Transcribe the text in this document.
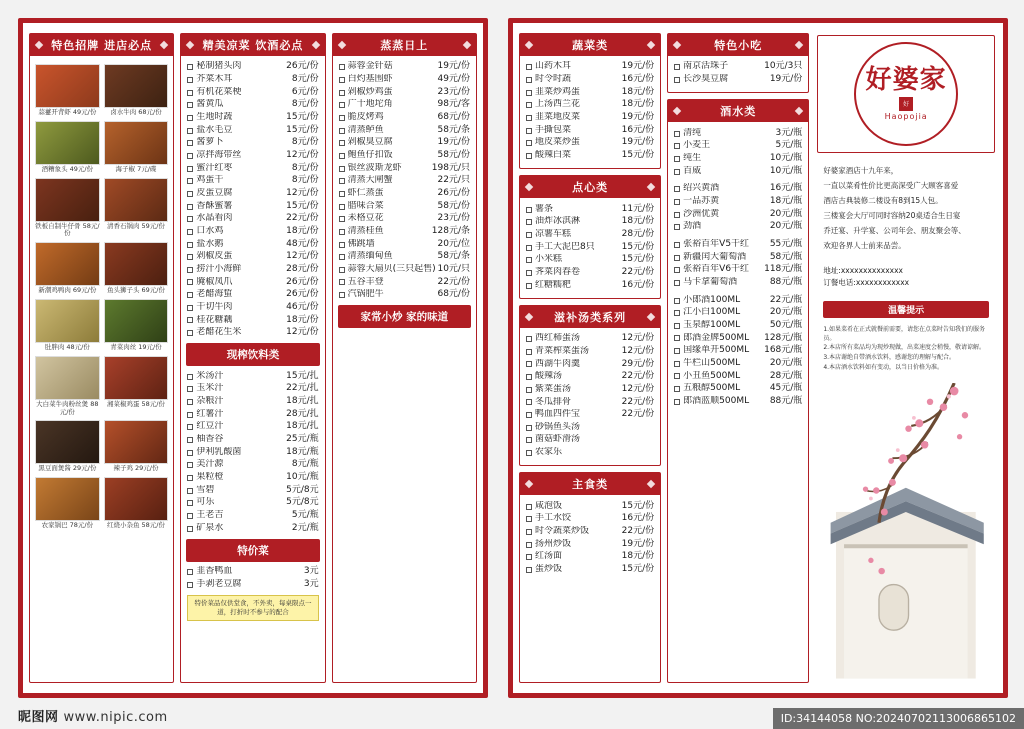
特色招牌 进店必点
蒜薹开背虾 49元/份	卤水牛肉 68元/份
酒糟象头 49元/份	海子椒 7元/碟
铁板自制牛仔骨 58元/份
清香石锅肉 59元/份
新潮鸡鸭肉 69元/份	鱼头狮子头 69元/份
肚胖肉 48元/份	青菜肉丝 19元/份
大白菜牛肉粉丝煲 88元/份
湘菜椒鸡蛋 58元/份
黑豆面煲酱 29元/份	辣子鸡 29元/份
农家锅巴 78元/份	红烧小杂鱼 58元/份
精美凉菜 饮酒必点
秘制猪头肉	26元/份
芥菜木耳	8元/份
有机花菜梗	6元/份
酱黄瓜	8元/份
生地时蔬	15元/份
盐水毛豆	15元/份
酱萝卜	8元/份
凉拌海带丝	12元/份
蜜汁红枣	8元/份
鸡蛋干	8元/份
皮蛋豆腐	12元/份
香酥蜜薯	15元/份
水晶看肉	22元/份
口水鸡	18元/份
盐水鹅	48元/份
剁椒皮蛋	12元/份
捞汁小海鲜	28元/份
腌椒凤爪	26元/份
老醋海蜇	26元/份
干切牛肉	46元/份
桂花糖藕	18元/份
老醋花生米	12元/份
现榨饮料类
米汤汁	15元/扎
玉米汁	22元/扎
杂粮汁	18元/扎
红薯汁	28元/扎
红豆汁	18元/扎
柚香谷	25元/瓶
伊利乳酸菌	18元/瓶
美汁源	8元/瓶
果粒橙	10元/瓶
雪碧	5元/8元
可乐	5元/8元
王老吉	5元/瓶
矿泉水	2元/瓶
特价菜
韭香鸭血	3元
手剥老豆腐	3元
特价菜品仅供堂食，不外卖，每桌限点一道，打折时不参与的配合
蒸蒸日上
蒜蓉金针菇	19元/份
白灼基围虾	49元/份
剁椒炒鸡蛋	23元/份
广十地坨角	98元/客
脆皮烤鸡	68元/份
清蒸鲈鱼	58元/条
剁椒臭豆腐	19元/份
鲍鱼仔扣饭	58元/份
银丝波斯龙虾	198元/只
清蒸大闸蟹	22元/只
虾仁蒸蛋	26元/份
腊味合菜	58元/份
未格豆花	23元/份
清蒸桂鱼	128元/条
佛跳墙	20元/位
清蒸缅甸鱼	58元/条
蒜蓉大扇贝(三只起售) 10元/只
五谷丰登	22元/份
汽锅肥牛	68元/份
家常小炒 家的味道
蔬菜类
山药木耳	19元/份
时令时蔬	16元/份
韭菜炒鸡蛋	18元/份
上汤西兰花	18元/份
韭菜地皮菜	19元/份
手撕包菜	16元/份
地皮菜炒蛋	19元/份
酸辣白菜	15元/份
点心类
薯条	11元/份
油炸冰淇淋	18元/份
凉薯车糕	28元/份
手工大泥巴8只	15元/份
小米糕	15元/份
荠菜肉春卷	22元/份
红糖糯粑	16元/份
滋补汤类系列
西红柿蛋汤	12元/份
青菜榨菜蛋汤	12元/份
西湖牛肉羹	29元/份
酸辣汤	22元/份
紫菜蛋汤	12元/份
冬瓜排骨	22元/份
鸭血四件宝	22元/份
砂锅鱼头汤
菌菇虾滑汤
农家乐
主食类
咸泡饭	15元/份
手工水饺	16元/份
时令蔬菜炒饭	22元/份
扬州炒饭	19元/份
红汤面	18元/份
蛋炒饭	15元/份
特色小吃
南京活珠子	10元/3只
长沙臭豆腐	19元/份
酒水类
清纯	3元/瓶
小麦王	5元/瓶
纯生	10元/瓶
百威	10元/瓶
绍兴黄酒	16元/瓶
一品苏黄	18元/瓶
沙洲优黄	20元/瓶
劲酒	20元/瓶
张裕百年V5干红	55元/瓶
新疆闰大葡萄酒	58元/瓶
张裕百年V6干红	118元/瓶
马卡拿葡萄酒	88元/瓶
小郎酒100ML	22元/瓶
江小白100ML	20元/瓶
玉泉醇100ML	50元/瓶
郎酒金牌500ML	128元/瓶
国缘单开500ML	168元/瓶
牛栏山500ML	20元/瓶
小丑鱼500ML	28元/瓶
五粮醇500ML	45元/瓶
郎酒蓝顺500ML	88元/瓶
好婆家
好
Haopojia

好婆家酒店十九年来，

一直以菜肴性价比更高深受广大顾客喜爱

酒店古典装修二楼设有8到15人包。

三楼宴会大厅可同时容纳20桌适合生日宴

乔迁宴、升学宴、公司年会、朋友聚会等、

欢迎各界人士前来品尝。

地址:xxxxxxxxxxxxxx
订餐电话:xxxxxxxxxxxx
温馨提示
1.如果菜肴在正式就餐前需要，请您在点菜时告知我们的服务员。
2.本店所有菜品均为现炒现做，出菜速度会稍慢，敬请谅解。
3.本店谢绝自带酒水饮料，感谢您的理解与配合。
4.本店酒水饮料如有变动，以当日价格为准。
昵图网 www.nipic.com	ID:34144058 NO:20240702113006865102
